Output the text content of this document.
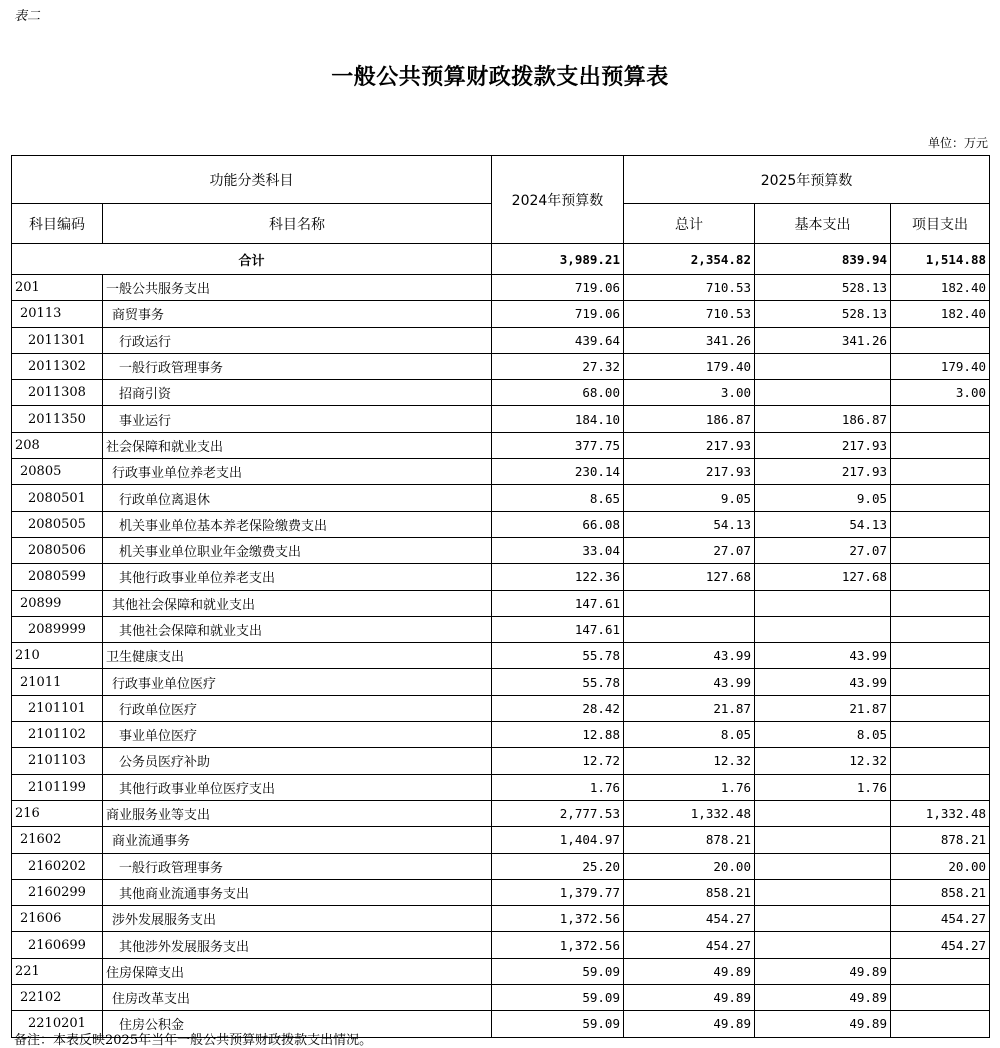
表二
一般公共预算财政拨款支出预算表
单位：万元
功能分类科目		2024年预算数	2025年预算数		
科目编码	科目名称		总计	基本支出	项目支出
合计		3,989.21	2,354.82	839.94	1,514.88
201	一般公共服务支出	719.06	710.53	528.13	182.40
20113	商贸事务	719.06	710.53	528.13	182.40
2011301	行政运行	439.64	341.26	341.26	
2011302	一般行政管理事务	27.32	179.40		179.40
2011308	招商引资	68.00	3.00		3.00
2011350	事业运行	184.10	186.87	186.87	
208	社会保障和就业支出	377.75	217.93	217.93	
20805	行政事业单位养老支出	230.14	217.93	217.93	
2080501	行政单位离退休	8.65	9.05	9.05	
2080505	机关事业单位基本养老保险缴费支出	66.08	54.13	54.13	
2080506	机关事业单位职业年金缴费支出	33.04	27.07	27.07	
2080599	其他行政事业单位养老支出	122.36	127.68	127.68	
20899	其他社会保障和就业支出	147.61			
2089999	其他社会保障和就业支出	147.61			
210	卫生健康支出	55.78	43.99	43.99	
21011	行政事业单位医疗	55.78	43.99	43.99	
2101101	行政单位医疗	28.42	21.87	21.87	
2101102	事业单位医疗	12.88	8.05	8.05	
2101103	公务员医疗补助	12.72	12.32	12.32	
2101199	其他行政事业单位医疗支出	1.76	1.76	1.76	
216	商业服务业等支出	2,777.53	1,332.48		1,332.48
21602	商业流通事务	1,404.97	878.21		878.21
2160202	一般行政管理事务	25.20	20.00		20.00
2160299	其他商业流通事务支出	1,379.77	858.21		858.21
21606	涉外发展服务支出	1,372.56	454.27		454.27
2160699	其他涉外发展服务支出	1,372.56	454.27		454.27
221	住房保障支出	59.09	49.89	49.89	
22102	住房改革支出	59.09	49.89	49.89	
2210201	住房公积金	59.09	49.89	49.89	
备注：本表反映2025年当年一般公共预算财政拨款支出情况。
